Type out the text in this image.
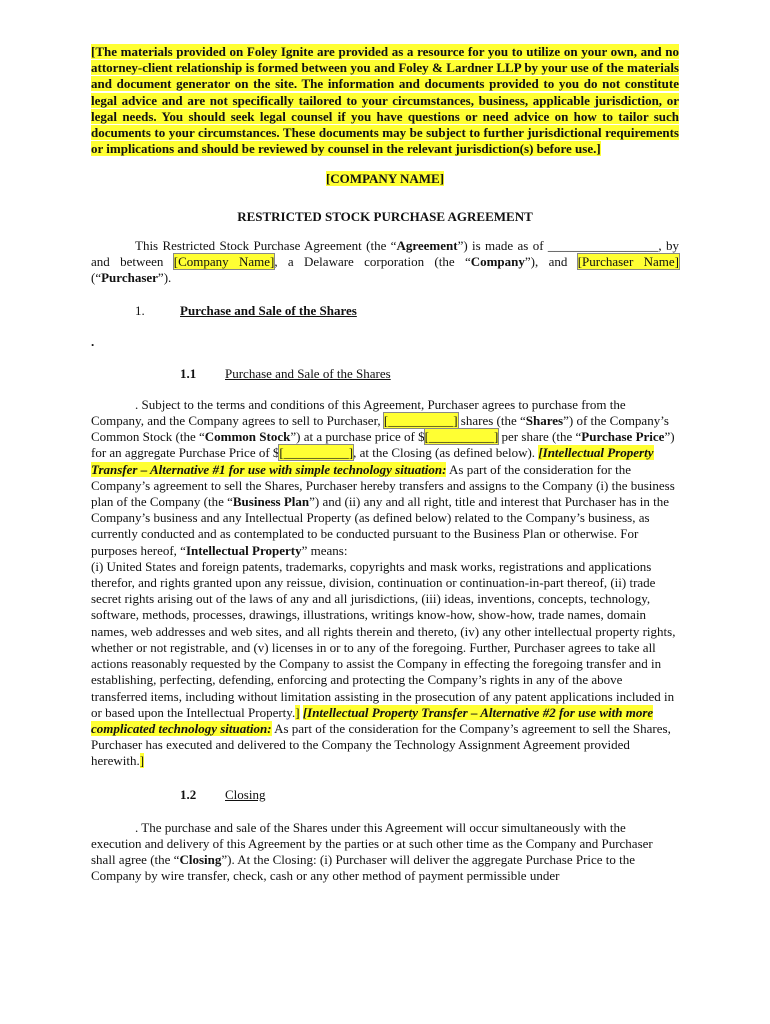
[The materials provided on Foley Ignite are provided as a resource for you to utilize on your own, and no attorney-client relationship is formed between you and Foley & Lardner LLP by your use of the materials and document generator on the site. The information and documents provided to you do not constitute legal advice and are not specifically tailored to your circumstances, business, applicable jurisdiction, or legal needs. You should seek legal counsel if you have questions or need advice on how to tailor such documents to your circumstances. These documents may be subject to further jurisdictional requirements or implications and should be reviewed by counsel in the relevant jurisdiction(s) before use.]
[COMPANY NAME]
RESTRICTED STOCK PURCHASE AGREEMENT
This Restricted Stock Purchase Agreement (the “Agreement”) is made as of _________________, by and between [Company Name], a Delaware corporation (the “Company”), and [Purchaser Name] (“Purchaser”).
1.	Purchase and Sale of the Shares
.
1.1 Purchase and Sale of the Shares
. Subject to the terms and conditions of this Agreement, Purchaser agrees to purchase from the Company, and the Company agrees to sell to Purchaser, [__________] shares (the “Shares”) of the Company’s Common Stock (the “Common Stock”) at a purchase price of $[__________] per share (the “Purchase Price”) for an aggregate Purchase Price of $[__________], at the Closing (as defined below). [Intellectual Property Transfer – Alternative #1 for use with simple technology situation: As part of the consideration for the Company’s agreement to sell the Shares, Purchaser hereby transfers and assigns to the Company (i) the business plan of the Company (the “Business Plan”) and (ii) any and all right, title and interest that Purchaser has in the Company’s business and any Intellectual Property (as defined below) related to the Company’s business, as currently conducted and as contemplated to be conducted pursuant to the Business Plan or otherwise. For purposes hereof, “Intellectual Property” means:
(i) United States and foreign patents, trademarks, copyrights and mask works, registrations and applications therefor, and rights granted upon any reissue, division, continuation or continuation-in-part thereof, (ii) trade secret rights arising out of the laws of any and all jurisdictions, (iii) ideas, inventions, concepts, technology, software, methods, processes, drawings, illustrations, writings know-how, show-how, trade names, domain names, web addresses and web sites, and all rights therein and thereto, (iv) any other intellectual property rights, whether or not registrable, and (v) licenses in or to any of the foregoing. Further, Purchaser agrees to take all actions reasonably requested by the Company to assist the Company in effecting the foregoing transfer and in establishing, perfecting, defending, enforcing and protecting the Company’s rights in any of the above transferred items, including without limitation assisting in the prosecution of any patent applications included in or based upon the Intellectual Property.] [Intellectual Property Transfer – Alternative #2 for use with more complicated technology situation: As part of the consideration for the Company’s agreement to sell the Shares, Purchaser has executed and delivered to the Company the Technology Assignment Agreement provided herewith.]
1.2 Closing
. The purchase and sale of the Shares under this Agreement will occur simultaneously with the execution and delivery of this Agreement by the parties or at such other time as the Company and Purchaser shall agree (the “Closing”). At the Closing: (i) Purchaser will deliver the aggregate Purchase Price to the Company by wire transfer, check, cash or any other method of payment permissible under
